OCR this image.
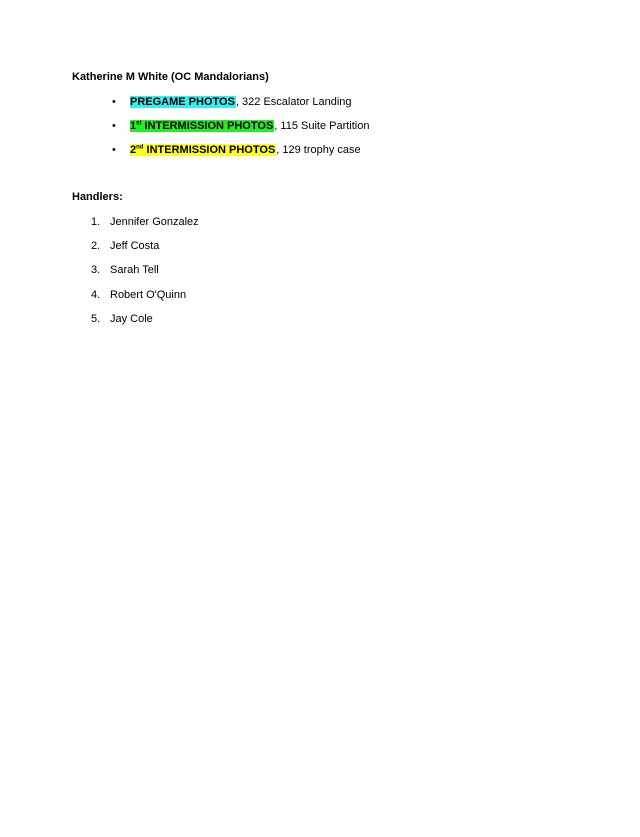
Katherine M White (OC Mandalorians)
•	PREGAME PHOTOS , 322 Escalator Landing
•	1st INTERMISSION PHOTOS , 115 Suite Partition
•	2nd INTERMISSION PHOTOS , 129 trophy case
Handlers:
1. Jennifer Gonzalez
2. Jeff Costa
3. Sarah Tell
4. Robert O'Quinn
5. Jay Cole
